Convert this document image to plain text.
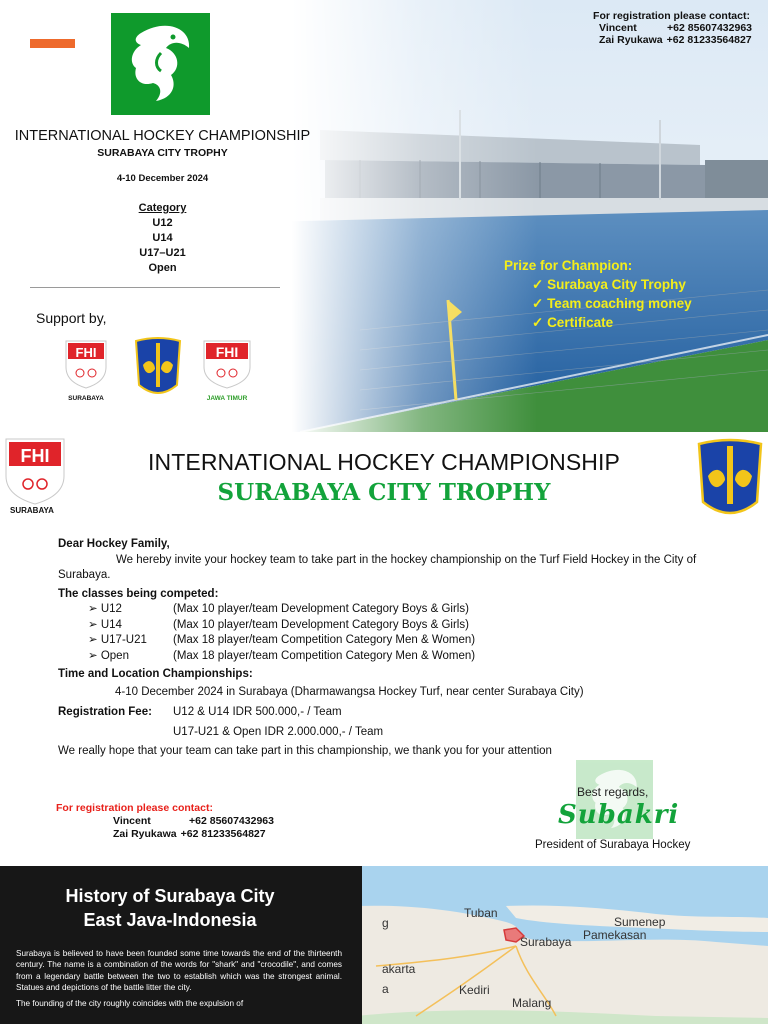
INTERNATIONAL HOCKEY CHAMPIONSHIP
SURABAYA CITY TROPHY
4-10 December 2024
Category
U12
U14
U17–U21
Open
Support by,
FHI
SURABAYA
FHI
JAWA TIMUR
For registration please contact:
Vincent	+62 85607432963
Zai Ryukawa +62 81233564827
Prize for Champion:
✓ Surabaya City Trophy
✓ Team coaching money
✓ Certificate
FHI
SURABAYA
INTERNATIONAL HOCKEY CHAMPIONSHIP
SURABAYA CITY TROPHY
Dear Hockey Family,
We hereby invite your hockey team to take part in the hockey championship on the Turf Field Hockey in the City of Surabaya.
The classes being competed:
➢ U12	(Max 10 player/team Development Category Boys & Girls)
➢ U14	(Max 10 player/team Development Category Boys & Girls)
➢ U17-U21	(Max 18 player/team Competition Category Men & Women)
➢ Open	(Max 18 player/team Competition Category Men & Women)
Time and Location Championships:
4-10 December 2024 in Surabaya (Dharmawangsa Hockey Turf, near center Surabaya City)
Registration Fee:	U12 & U14 IDR 500.000,- / Team
U17-U21 & Open IDR 2.000.000,- / Team
We really hope that your team can take part in this championship, we thank you for your attention
For registration please contact:
Vincent	+62 85607432963
Zai Ryukawa +62 81233564827
Best regards,
Subakri
President of Surabaya Hockey
Tuban
Sumenep
Pamekasan
Surabaya
akarta
a	Kediri
Malang
g
History of Surabaya City
East Java-Indonesia

Surabaya is believed to have been founded some time towards the end of the thirteenth century. The name is a combination of the words for "shark" and "crocodile", and comes from a legendary battle between the two to establish which was the strongest animal. Statues and depictions of the battle litter the city.

The founding of the city roughly coincides with the expulsion of
